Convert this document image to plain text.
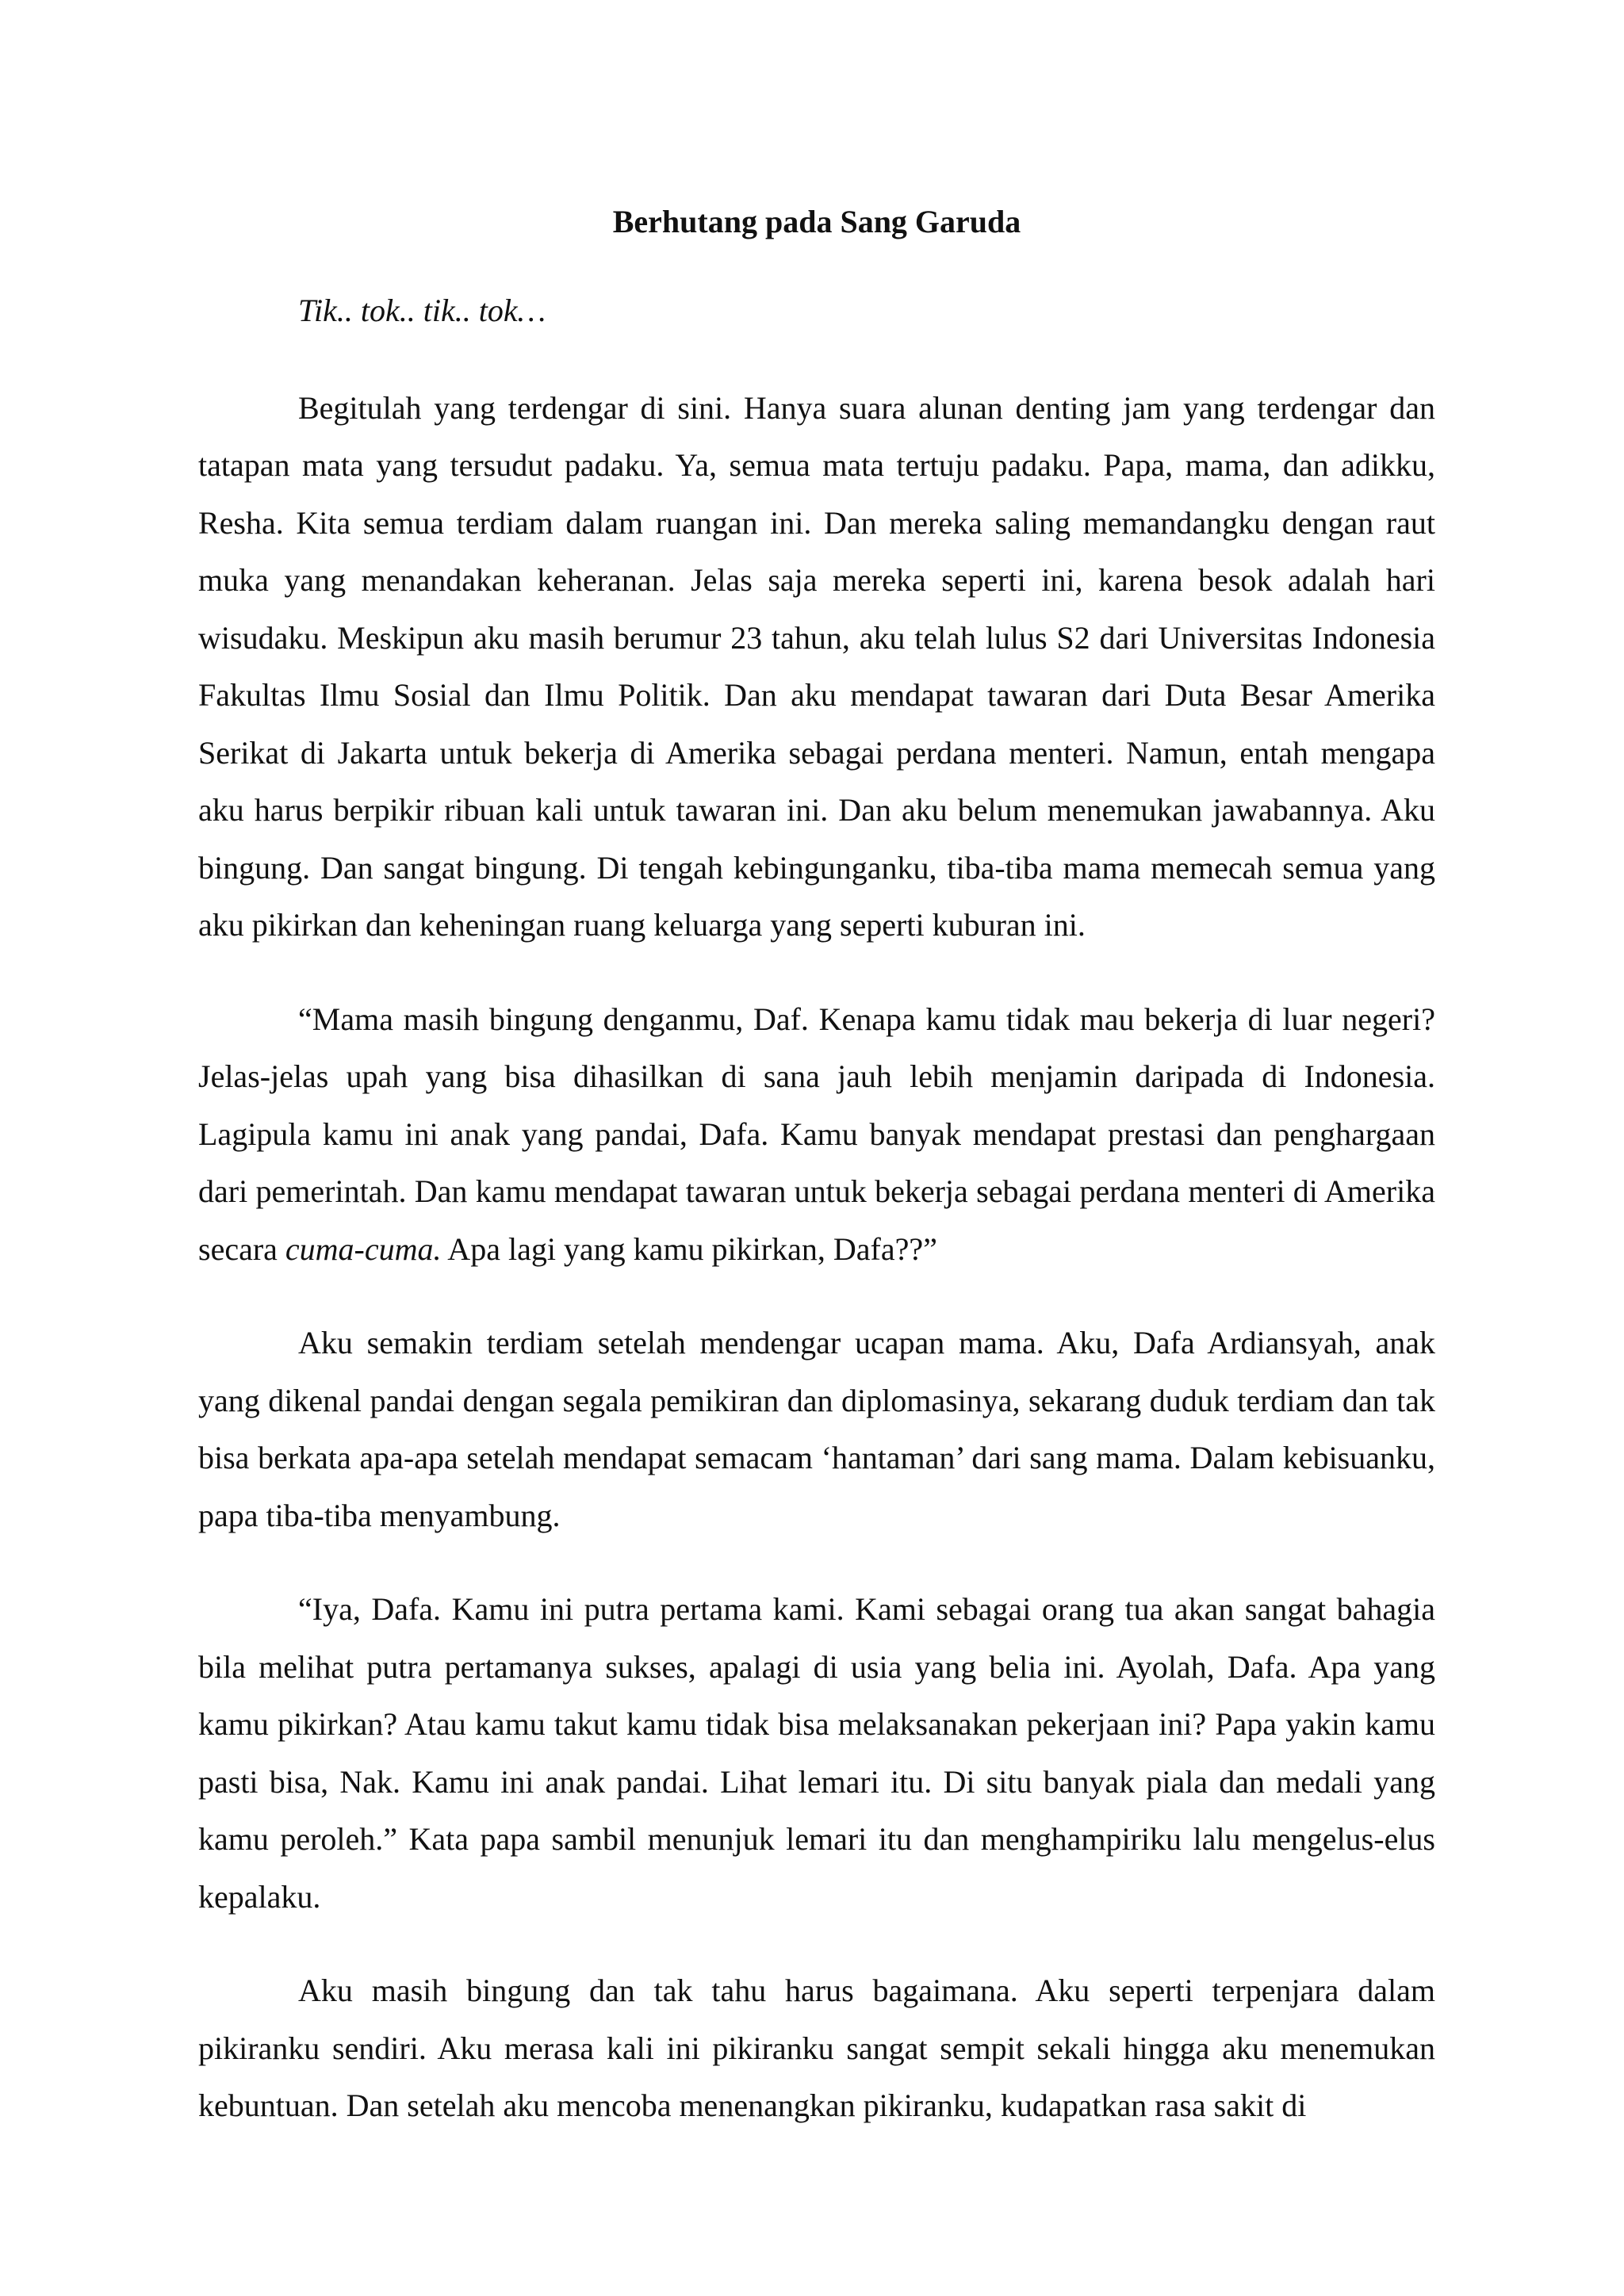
Berhutang pada Sang Garuda

Tik.. tok.. tik.. tok…

Begitulah yang terdengar di sini. Hanya suara alunan denting jam yang terdengar dan tatapan mata yang tersudut padaku. Ya, semua mata tertuju padaku. Papa, mama, dan adikku, Resha. Kita semua terdiam dalam ruangan ini. Dan mereka saling memandangku dengan raut muka yang menandakan keheranan. Jelas saja mereka seperti ini, karena besok adalah hari wisudaku. Meskipun aku masih berumur 23 tahun, aku telah lulus S2 dari Universitas Indonesia Fakultas Ilmu Sosial dan Ilmu Politik. Dan aku mendapat tawaran dari Duta Besar Amerika Serikat di Jakarta untuk bekerja di Amerika sebagai perdana menteri. Namun, entah mengapa aku harus berpikir ribuan kali untuk tawaran ini. Dan aku belum menemukan jawabannya. Aku bingung. Dan sangat bingung. Di tengah kebingunganku, tiba-tiba mama memecah semua yang aku pikirkan dan keheningan ruang keluarga yang seperti kuburan ini.

“Mama masih bingung denganmu, Daf. Kenapa kamu tidak mau bekerja di luar negeri? Jelas-jelas upah yang bisa dihasilkan di sana jauh lebih menjamin daripada di Indonesia. Lagipula kamu ini anak yang pandai, Dafa. Kamu banyak mendapat prestasi dan penghargaan dari pemerintah. Dan kamu mendapat tawaran untuk bekerja sebagai perdana menteri di Amerika secara cuma-cuma. Apa lagi yang kamu pikirkan, Dafa??”

Aku semakin terdiam setelah mendengar ucapan mama. Aku, Dafa Ardiansyah, anak yang dikenal pandai dengan segala pemikiran dan diplomasinya, sekarang duduk terdiam dan tak bisa berkata apa-apa setelah mendapat semacam ‘hantaman’ dari sang mama. Dalam kebisuanku, papa tiba-tiba menyambung.

“Iya, Dafa. Kamu ini putra pertama kami. Kami sebagai orang tua akan sangat bahagia bila melihat putra pertamanya sukses, apalagi di usia yang belia ini. Ayolah, Dafa. Apa yang kamu pikirkan? Atau kamu takut kamu tidak bisa melaksanakan pekerjaan ini? Papa yakin kamu pasti bisa, Nak. Kamu ini anak pandai. Lihat lemari itu. Di situ banyak piala dan medali yang kamu peroleh.” Kata papa sambil menunjuk lemari itu dan menghampiriku lalu mengelus-elus kepalaku.

Aku masih bingung dan tak tahu harus bagaimana. Aku seperti terpenjara dalam pikiranku sendiri. Aku merasa kali ini pikiranku sangat sempit sekali hingga aku menemukan kebuntuan. Dan setelah aku mencoba menenangkan pikiranku, kudapatkan rasa sakit di
